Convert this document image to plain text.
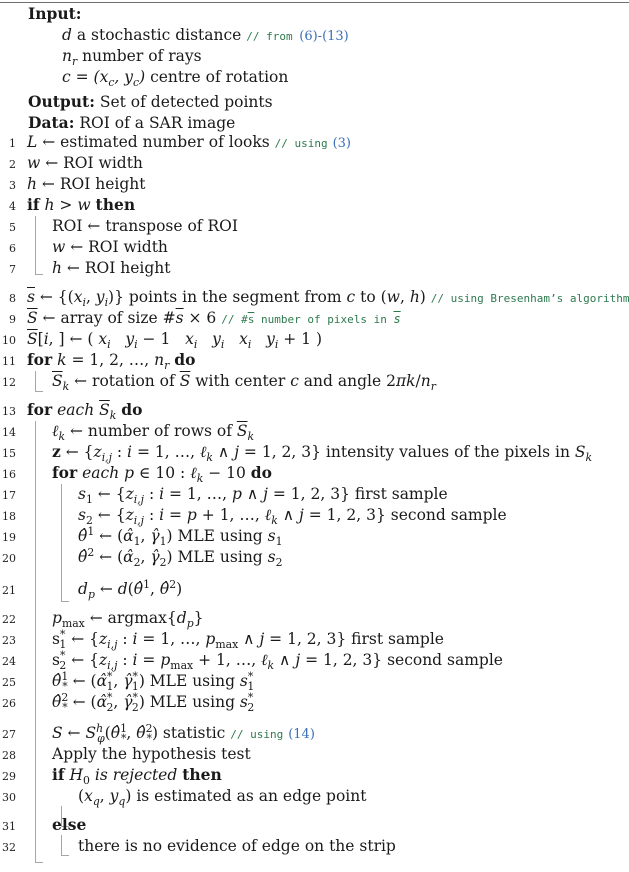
Input:
d a stochastic distance // from (6)-(13)
$n_r$ number of rays
$c = (x_c$, $y_c$) centre of rotation
Output: Set of detected points
Data: ROI of a SAR image
1
2
3
4
5
6
7
8
9
10
11
12
13
14
15
16
17
18
19
20
21
22
23
24
25
26
27
28
29
30
31
32
L ← estimated number of looks // using (3)
w ← ROI width
h ← ROI height
if h > w then
ROI ← transpose of ROI
w ← ROI width
h ← ROI height
$\overline{s}$ ← {($x_i$, $y_i$)} points in the segment from c to (w, h) // using Bresenham’s algorithm
$\overline{S}$ ← array of size $\#\overline{s} \times 6$ // $\#\overline{s}$ number of pixels in $\overline{s}$
$\overline{S}[i$, ] ← ( $x_i$ $y_i - 1$   $x_i$ $y_i$ $x_i$ $y_i + 1$ )
for k = 1, 2, …, $n_r$ do
$\overline{S}_k$ ← rotation of $\overline{S}$ with center c and angle $2\pi k/n_r$
for each $\overline{S}_k$ do
ℓ$_k$ ← number of rows of $\overline{S}_k$
z ← {$z_{i,j}$ : i = 1, …, ℓ$_k$ ∧ j = 1, 2, 3} intensity values of the pixels in $S_k$
for each p ∈ 10 : ℓ$_k$ − 10 do
$s_1$ ← {$z_{i,j}$ : i = 1, …, p ∧ j = 1, 2, 3} first sample
$s_2$ ← {$z_{i,j}$ : i = p + 1, …, ℓ$_k$ ∧ j = 1, 2, 3} second sample
θ̂$^1$ ← ($\alphâ_1$, $\gammâ_1$) MLE using $s_1$
θ̂$^2$ ← ($\alphâ_2$, $\gammâ_2$) MLE using $s_2$
$d_p$ ← d(θ̂$^1$, θ̂$^2$)
$p_{max}$ ← $argmax\{d_p\}$
$s^*_1$ ← {$z_{i,j}$ : i = 1, …, $p_{max}$ ∧ j = 1, 2, 3} first sample
$s^*_2$ ← {$z_{i,j}$ : $i = p_{max} + 1$, …, ℓ$_k$ ∧ j = 1, 2, 3} second sample
θ̂$^1_*$ ← ($\alphâ^*_1$, $\gammâ^*_1$) MLE using $s^*_1$
θ̂$^2_*$ ← ($\alphâ^*_2$, $\gammâ^*_2$) MLE using $s^*_2$
S ← $S^h_\varphi(\thetâ^1_*$, θ̂$^2_*$) statistic // using (14)
Apply the hypothesis test
if $H_0$ is rejected then
($x_q$, $y_q$) is estimated as an edge point
else
there is no evidence of edge on the strip
